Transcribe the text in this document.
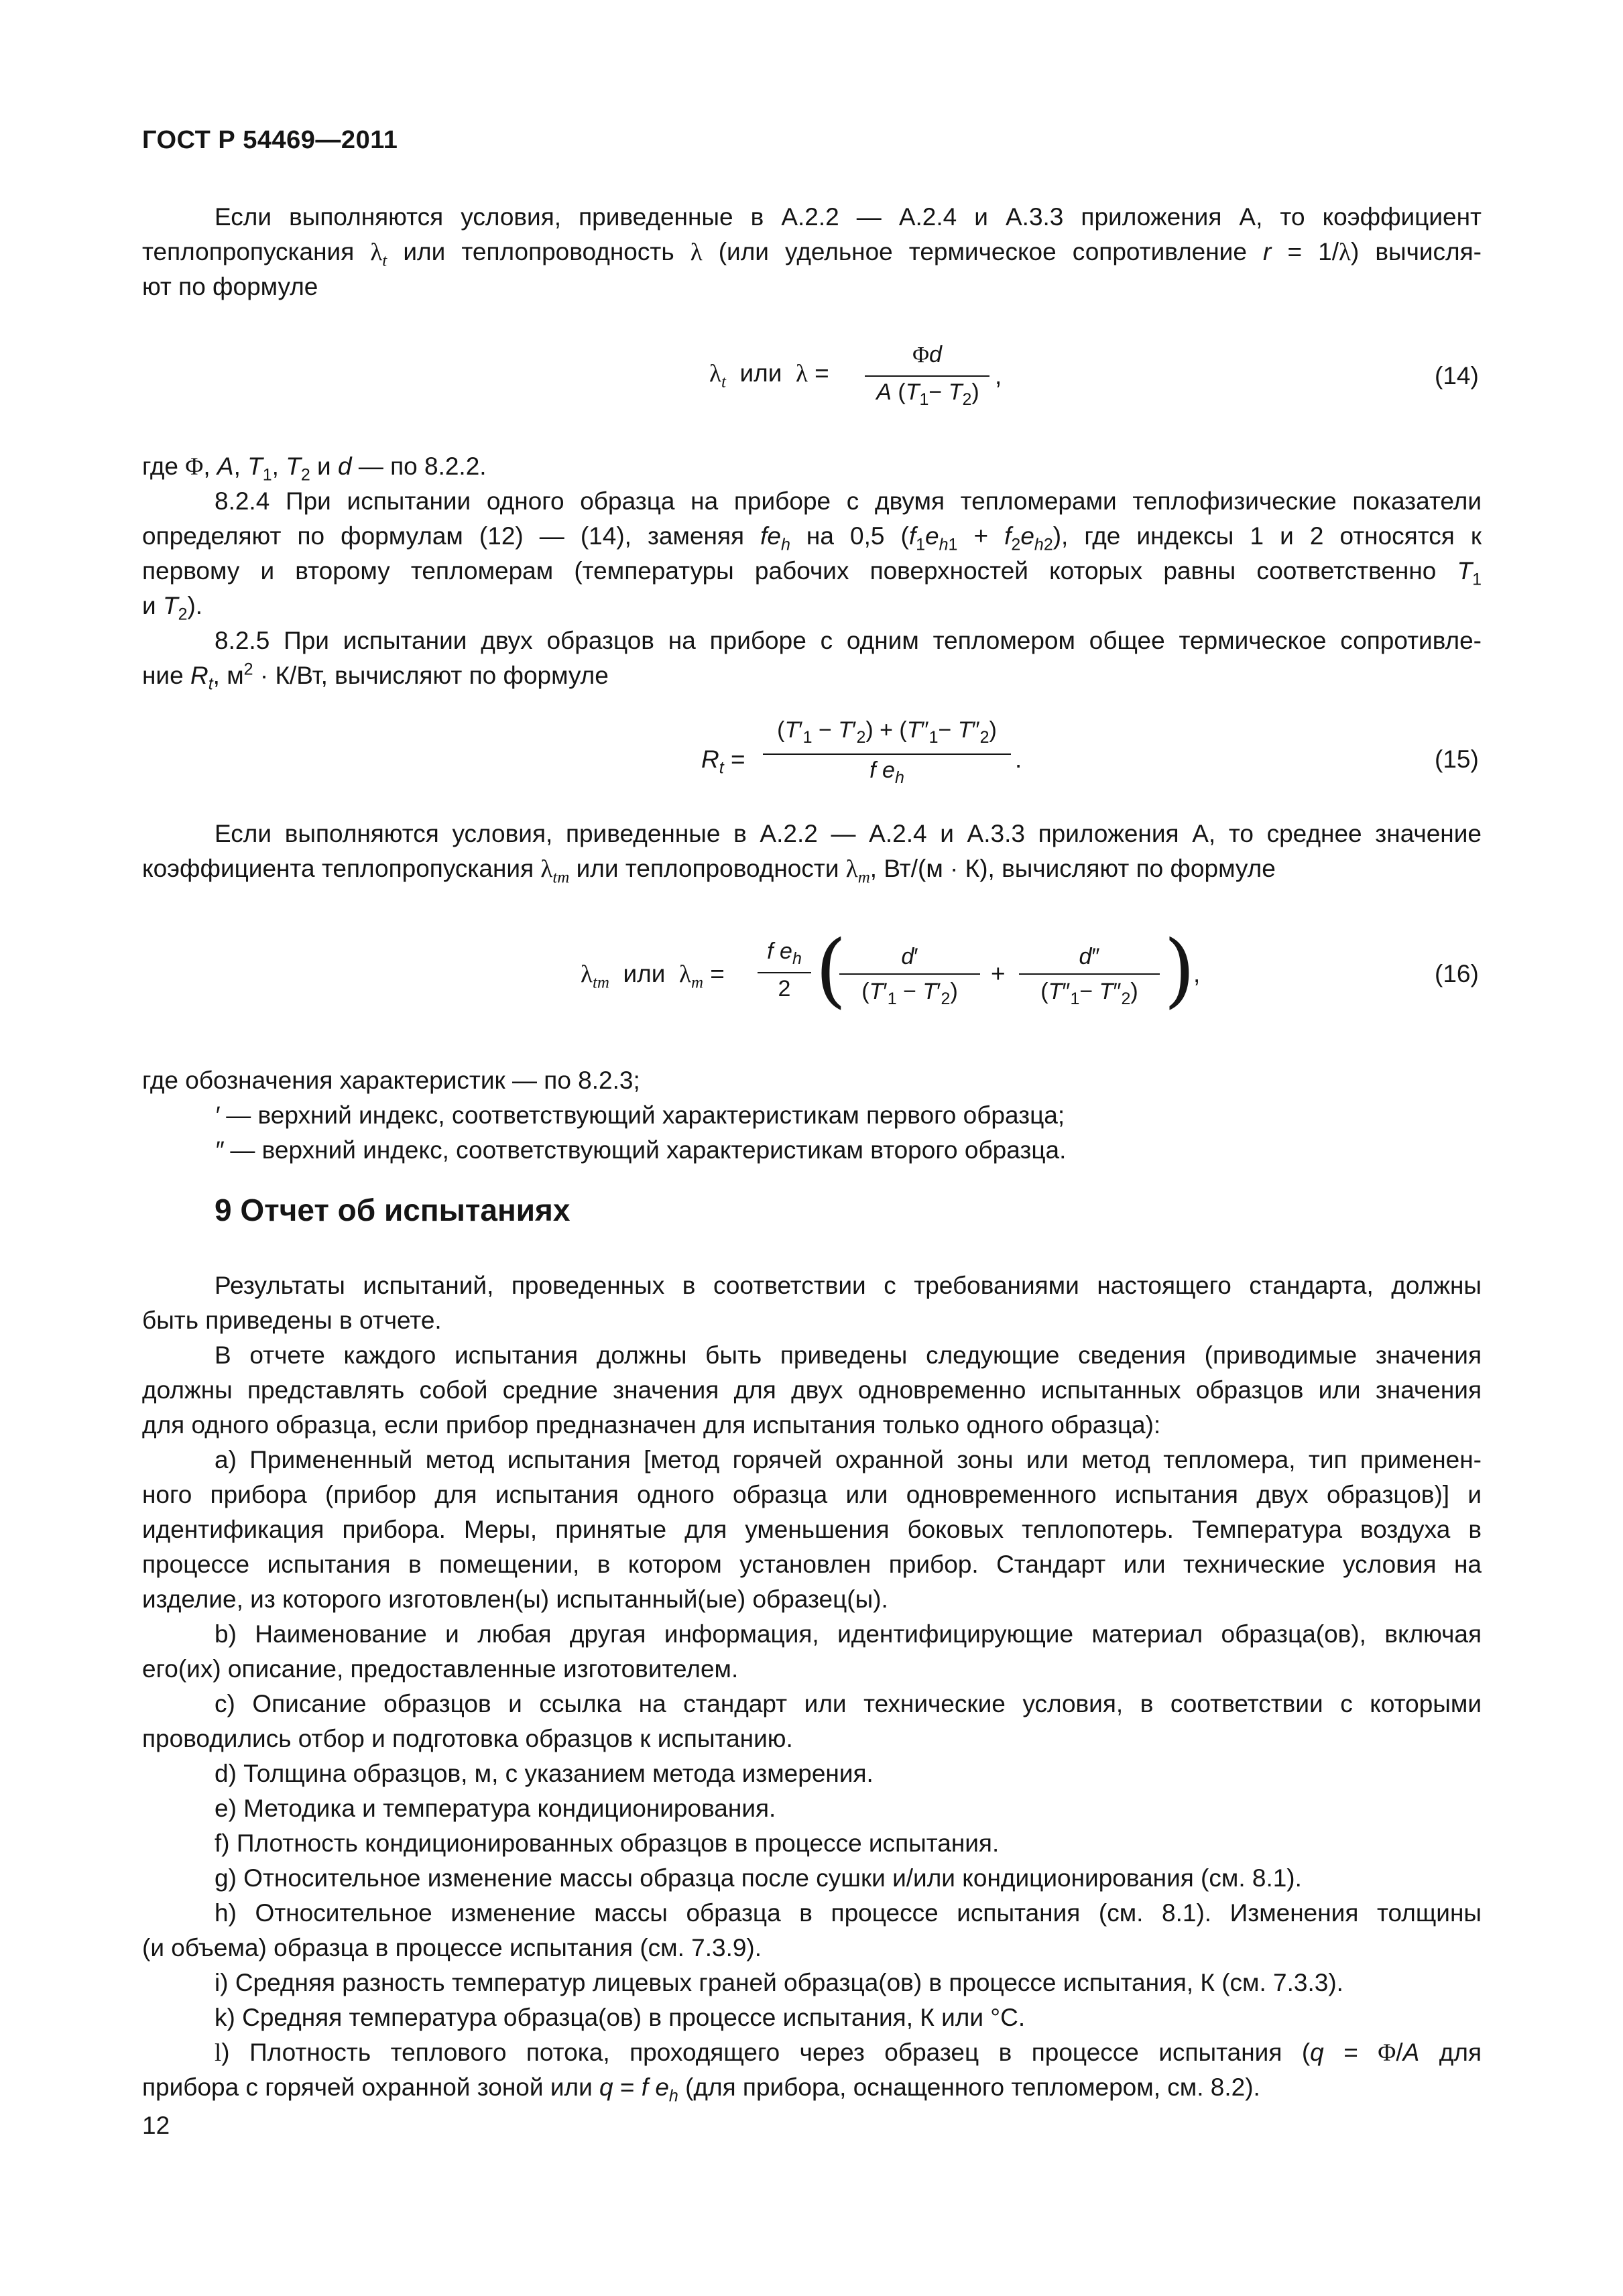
ГОСТ Р 54469—2011
Если выполняются условия, приведенные в А.2.2 — А.2.4 и А.3.3 приложения А, то коэффициент
теплопропускания $\lambda_t$ или теплопроводность λ (или удельное термическое сопротивление r = 1/λ) вычисля-
ют по формуле
$\lambda_t$  или  λ =
Φd
A $(T_1- T_2)$
,	(14)
где Φ, A, $T_1$, $T_2$ и d — по 8.2.2.
8.2.4 При испытании одного образца на приборе с двумя тепломерами теплофизические показатели
определяют по формулам (12) — (14), заменяя $fe_h$ на 0,5 $(f_1e_{h1} + f_2e_{h2})$, где индексы 1 и 2 относятся к
первому и второму тепломерам (температуры рабочих поверхностей которых равны соответственно $T_1$
и $T_2$).
8.2.5 При испытании двух образцов на приборе с одним тепломером общее термическое сопротивле-
ние $R_t$, $м^2 \cdot К/Вт$, вычисляют по формуле
$R_t$ =
$(T'_1 - T'_2) + (T''_1- T''_2)$
f $e_h$
.	(15)
Если выполняются условия, приведенные в А.2.2 — А.2.4 и А.3.3 приложения А, то среднее значение
коэффициента теплопропускания $\lambda_{tm}$ или теплопроводности $\lambda_m$, Вт/(м · К), вычисляют по формуле
$\lambda_{tm}$  или  $\lambda_m$ =
f $e_h$
2 (	d′
$(T'_1 - T'_2)$
+
d″
$(T''_1- T''_2)$ )
,	(16)
где обозначения характеристик — по 8.2.3;
′ — верхний индекс, соответствующий характеристикам первого образца;
″ — верхний индекс, соответствующий характеристикам второго образца.
9 Отчет об испытаниях
Результаты испытаний, проведенных в соответствии с требованиями настоящего стандарта, должны
быть приведены в отчете.
В отчете каждого испытания должны быть приведены следующие сведения (приводимые значения
должны представлять собой средние значения для двух одновременно испытанных образцов или значения
для одного образца, если прибор предназначен для испытания только одного образца):
a) Примененный метод испытания [метод горячей охранной зоны или метод тепломера, тип применен-
ного прибора (прибор для испытания одного образца или одновременного испытания двух образцов)] и
идентификация прибора. Меры, принятые для уменьшения боковых теплопотерь. Температура воздуха в
процессе испытания в помещении, в котором установлен прибор. Стандарт или технические условия на
изделие, из которого изготовлен(ы) испытанный(ые) образец(ы).
b) Наименование и любая другая информация, идентифицирующие материал образца(ов), включая
его(их) описание, предоставленные изготовителем.
c) Описание образцов и ссылка на стандарт или технические условия, в соответствии с которыми
проводились отбор и подготовка образцов к испытанию.
d) Толщина образцов, м, с указанием метода измерения.
e) Методика и температура кондиционирования.
f) Плотность кондиционированных образцов в процессе испытания.
g) Относительное изменение массы образца после сушки и/или кондиционирования (см. 8.1).
h) Относительное изменение массы образца в процессе испытания (см. 8.1). Изменения толщины
(и объема) образца в процессе испытания (см. 7.3.9).
i) Средняя разность температур лицевых граней образца(ов) в процессе испытания, К (см. 7.3.3).
k) Средняя температура образца(ов) в процессе испытания, К или °С.
l) Плотность теплового потока, проходящего через образец в процессе испытания (q = Φ/A для
прибора с горячей охранной зоной или q = f $e_h$ (для прибора, оснащенного тепломером, см. 8.2).
12
